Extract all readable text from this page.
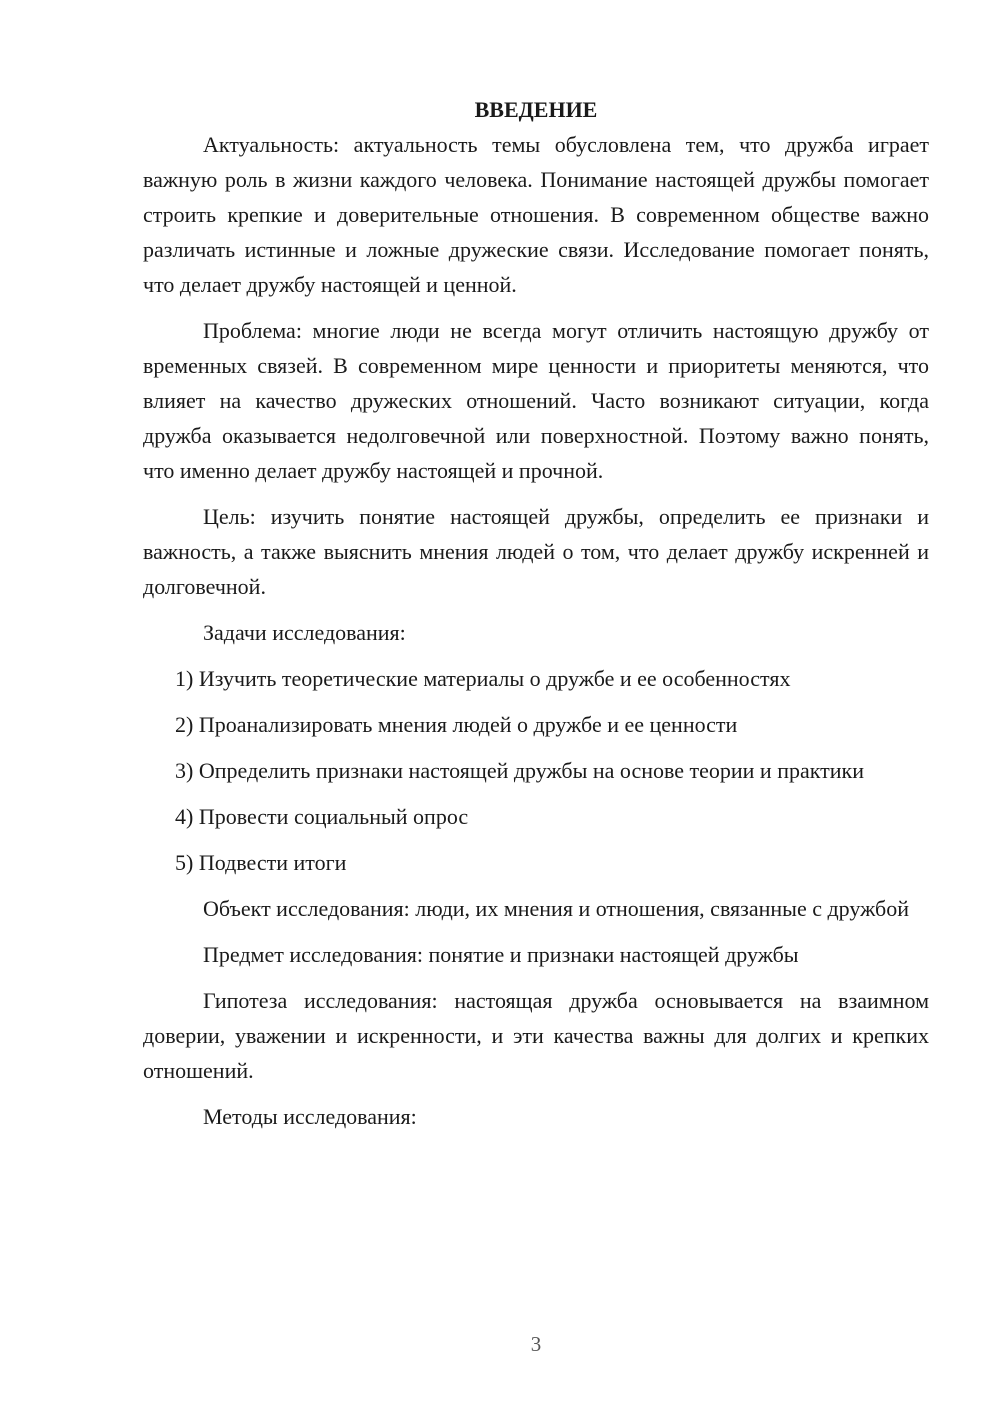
ВВЕДЕНИЕ

Актуальность: актуальность темы обусловлена тем, что дружба играет важную роль в жизни каждого человека. Понимание настоящей дружбы помогает строить крепкие и доверительные отношения. В современном обществе важно различать истинные и ложные дружеские связи. Исследование помогает понять, что делает дружбу настоящей и ценной.

Проблема: многие люди не всегда могут отличить настоящую дружбу от временных связей. В современном мире ценности и приоритеты меняются, что влияет на качество дружеских отношений. Часто возникают ситуации, когда дружба оказывается недолговечной или поверхностной. Поэтому важно понять, что именно делает дружбу настоящей и прочной.

Цель: изучить понятие настоящей дружбы, определить ее признаки и важность, а также выяснить мнения людей о том, что делает дружбу искренней и долговечной.

Задачи исследования:

1) Изучить теоретические материалы о дружбе и ее особенностях

2) Проанализировать мнения людей о дружбе и ее ценности

3) Определить признаки настоящей дружбы на основе теории и практики

4) Провести социальный опрос

5) Подвести итоги

Объект исследования: люди, их мнения и отношения, связанные с дружбой

Предмет исследования: понятие и признаки настоящей дружбы

Гипотеза исследования: настоящая дружба основывается на взаимном доверии, уважении и искренности, и эти качества важны для долгих и крепких отношений.

Методы исследования:

3
